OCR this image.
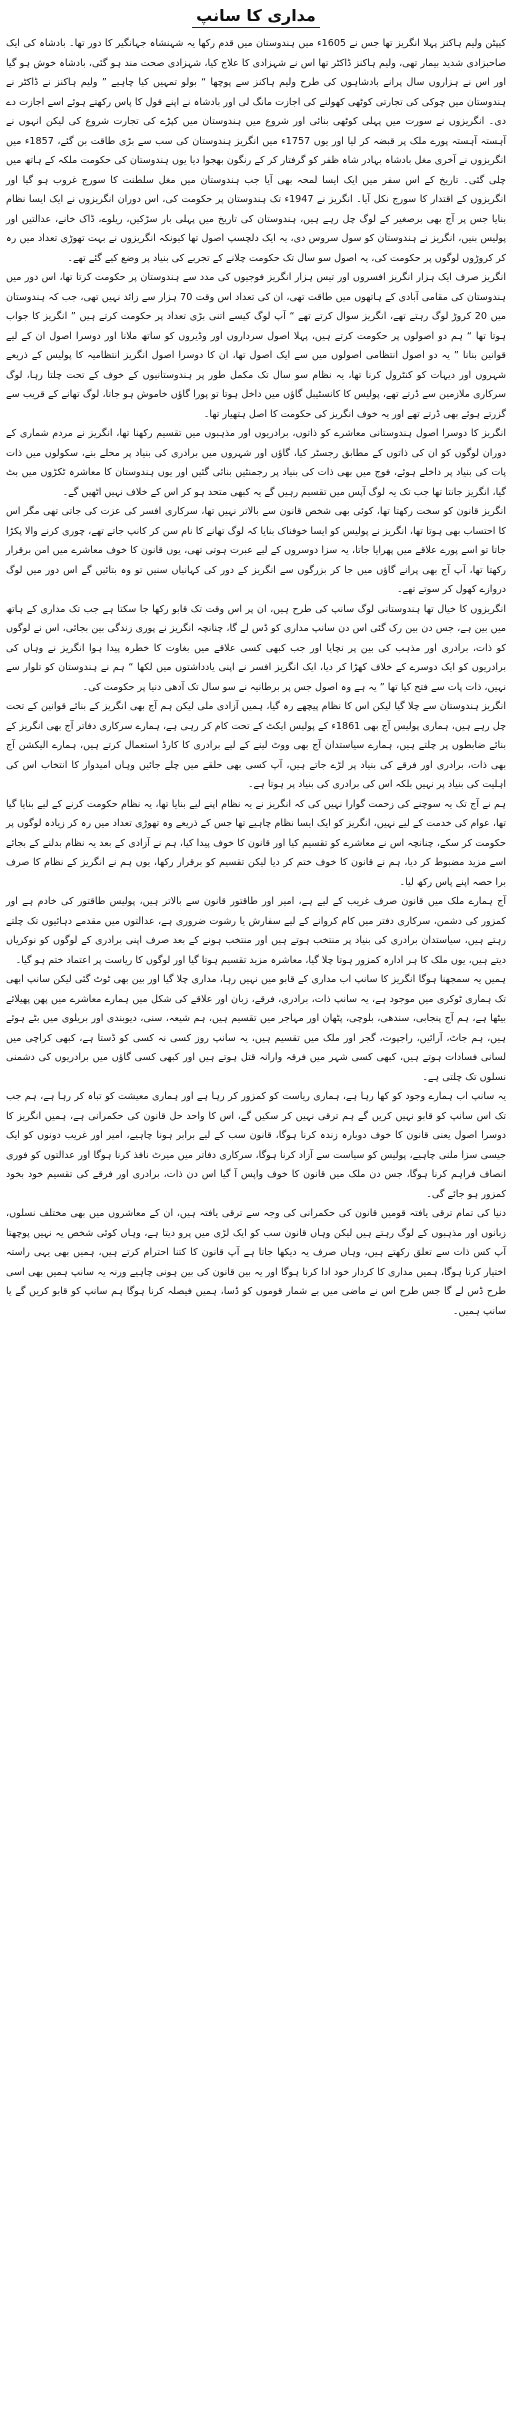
مداری کا سانپ

کیپٹن ولیم ہاکنز پہلا انگریز تھا جس نے 1605ء میں ہندوستان میں قدم رکھا یہ شہنشاہ جہانگیر کا دور تھا۔ بادشاہ کی ایک صاحبزادی شدید بیمار تھی، ولیم ہاکنز ڈاکٹر تھا اس نے شہزادی کا علاج کیا، شہزادی صحت مند ہو گئی، بادشاہ خوش ہو گیا اور اس نے ہزاروں سال پرانے بادشاہوں کی طرح ولیم ہاکنز سے پوچھا “ بولو تمہیں کیا چاہیے ” ولیم ہاکنز نے ڈاکٹر نے ہندوستان میں چوکی کی تجارتی کوٹھی کھولنے کی اجازت مانگ لی اور بادشاہ نے اپنے قول کا پاس رکھتے ہوئے اسے اجازت دے دی۔ انگریزوں نے سورت میں پہلی کوٹھی بنائی اور شروع میں ہندوستان میں کپڑے کی تجارت شروع کی لیکن انہوں نے آہستہ آہستہ پورے ملک پر قبضہ کر لیا اور یوں 1757ء میں انگریز ہندوستان کی سب سے بڑی طاقت بن گئے، 1857ء میں انگریزوں نے آخری مغل بادشاہ بہادر شاہ ظفر کو گرفتار کر کے رنگون بھجوا دیا یوں ہندوستان کی حکومت ملکہ کے ہاتھ میں چلی گئی۔ تاریخ کے اس سفر میں ایک ایسا لمحہ بھی آیا جب ہندوستان میں مغل سلطنت کا سورج غروب ہو گیا اور انگریزوں کے اقتدار کا سورج نکل آیا۔ انگریز نے 1947ء تک ہندوستان پر حکومت کی، اس دوران انگریزوں نے ایک ایسا نظام بنایا جس پر آج بھی برصغیر کے لوگ چل رہے ہیں، ہندوستان کی تاریخ میں پہلی بار سڑکیں، ریلوے، ڈاک خانے، عدالتیں اور پولیس بنیں، انگریز نے ہندوستان کو سول سروس دی، یہ ایک دلچسپ اصول تھا کیونکہ انگریزوں نے بہت تھوڑی تعداد میں رہ کر کروڑوں لوگوں پر حکومت کی، یہ اصول سو سال تک حکومت چلانے کے تجربے کی بنیاد پر وضع کیے گئے تھے۔

انگریز صرف ایک ہزار انگریز افسروں اور تیس ہزار انگریز فوجیوں کی مدد سے ہندوستان پر حکومت کرتا تھا، اس دور میں ہندوستان کی مقامی آبادی کے ہاتھوں میں طاقت تھی، ان کی تعداد اس وقت 70 ہزار سے زائد نہیں تھی، جب کہ ہندوستان میں 20 کروڑ لوگ رہتے تھے، انگریز سوال کرتے تھے “ آپ لوگ کیسے اتنی بڑی تعداد پر حکومت کرتے ہیں ” انگریز کا جواب ہوتا تھا “ ہم دو اصولوں پر حکومت کرتے ہیں، پہلا اصول سرداروں اور وڈیروں کو ساتھ ملانا اور دوسرا اصول ان کے لیے قوانین بنانا ” یہ دو اصول انتظامی اصولوں میں سے ایک اصول تھا، ان کا دوسرا اصول انگریز انتظامیہ کا پولیس کے ذریعے شہروں اور دیہات کو کنٹرول کرنا تھا، یہ نظام سو سال تک مکمل طور پر ہندوستانیوں کے خوف کے تحت چلتا رہا، لوگ سرکاری ملازمین سے ڈرتے تھے، پولیس کا کانسٹیبل گاؤں میں داخل ہوتا تو پورا گاؤں خاموش ہو جاتا، لوگ تھانے کے قریب سے گزرتے ہوئے بھی ڈرتے تھے اور یہ خوف انگریز کی حکومت کا اصل ہتھیار تھا۔

انگریز کا دوسرا اصول ہندوستانی معاشرے کو ذاتوں، برادریوں اور مذہبوں میں تقسیم رکھنا تھا، انگریز نے مردم شماری کے دوران لوگوں کو ان کی ذاتوں کے مطابق رجسٹر کیا، گاؤں اور شہروں میں برادری کی بنیاد پر محلے بنے، سکولوں میں ذات پات کی بنیاد پر داخلے ہوئے، فوج میں بھی ذات کی بنیاد پر رجمنٹیں بنائی گئیں اور یوں ہندوستان کا معاشرہ ٹکڑوں میں بٹ گیا، انگریز جانتا تھا جب تک یہ لوگ آپس میں تقسیم رہیں گے یہ کبھی متحد ہو کر اس کے خلاف نہیں اٹھیں گے۔

انگریز قانون کو سخت رکھتا تھا، کوئی بھی شخص قانون سے بالاتر نہیں تھا، سرکاری افسر کی عزت کی جاتی تھی مگر اس کا احتساب بھی ہوتا تھا، انگریز نے پولیس کو ایسا خوفناک بنایا کہ لوگ تھانے کا نام سن کر کانپ جاتے تھے، چوری کرنے والا پکڑا جاتا تو اسے پورے علاقے میں پھرایا جاتا، یہ سزا دوسروں کے لیے عبرت ہوتی تھی، یوں قانون کا خوف معاشرے میں امن برقرار رکھتا تھا، آپ آج بھی پرانے گاؤں میں جا کر بزرگوں سے انگریز کے دور کی کہانیاں سنیں تو وہ بتائیں گے اس دور میں لوگ دروازے کھول کر سوتے تھے۔

انگریزوں کا خیال تھا ہندوستانی لوگ سانپ کی طرح ہیں، ان پر اس وقت تک قابو رکھا جا سکتا ہے جب تک مداری کے ہاتھ میں بین ہے، جس دن بین رک گئی اس دن سانپ مداری کو ڈس لے گا، چنانچہ انگریز نے پوری زندگی بین بجائی، اس نے لوگوں کو ذات، برادری اور مذہب کی بین پر نچایا اور جب کبھی کسی علاقے میں بغاوت کا خطرہ پیدا ہوا انگریز نے وہاں کی برادریوں کو ایک دوسرے کے خلاف کھڑا کر دیا، ایک انگریز افسر نے اپنی یادداشتوں میں لکھا “ ہم نے ہندوستان کو تلوار سے نہیں، ذات پات سے فتح کیا تھا ” یہ ہے وہ اصول جس پر برطانیہ نے سو سال تک آدھی دنیا پر حکومت کی۔

انگریز ہندوستان سے چلا گیا لیکن اس کا نظام پیچھے رہ گیا، ہمیں آزادی ملی لیکن ہم آج بھی انگریز کے بنائے قوانین کے تحت چل رہے ہیں، ہماری پولیس آج بھی 1861ء کے پولیس ایکٹ کے تحت کام کر رہی ہے، ہمارے سرکاری دفاتر آج بھی انگریز کے بنائے ضابطوں پر چلتے ہیں، ہمارے سیاستدان آج بھی ووٹ لینے کے لیے برادری کا کارڈ استعمال کرتے ہیں، ہمارے الیکشن آج بھی ذات، برادری اور فرقے کی بنیاد پر لڑے جاتے ہیں، آپ کسی بھی حلقے میں چلے جائیں وہاں امیدوار کا انتخاب اس کی اہلیت کی بنیاد پر نہیں بلکہ اس کی برادری کی بنیاد پر ہوتا ہے۔

ہم نے آج تک یہ سوچنے کی زحمت گوارا نہیں کی کہ انگریز نے یہ نظام اپنے لیے بنایا تھا، یہ نظام حکومت کرنے کے لیے بنایا گیا تھا، عوام کی خدمت کے لیے نہیں، انگریز کو ایک ایسا نظام چاہیے تھا جس کے ذریعے وہ تھوڑی تعداد میں رہ کر زیادہ لوگوں پر حکومت کر سکے، چنانچہ اس نے معاشرے کو تقسیم کیا اور قانون کا خوف پیدا کیا، ہم نے آزادی کے بعد یہ نظام بدلنے کے بجائے اسے مزید مضبوط کر دیا، ہم نے قانون کا خوف ختم کر دیا لیکن تقسیم کو برقرار رکھا، یوں ہم نے انگریز کے نظام کا صرف برا حصہ اپنے پاس رکھ لیا۔

آج ہمارے ملک میں قانون صرف غریب کے لیے ہے، امیر اور طاقتور قانون سے بالاتر ہیں، پولیس طاقتور کی خادم ہے اور کمزور کی دشمن، سرکاری دفتر میں کام کروانے کے لیے سفارش یا رشوت ضروری ہے، عدالتوں میں مقدمے دہائیوں تک چلتے رہتے ہیں، سیاستدان برادری کی بنیاد پر منتخب ہوتے ہیں اور منتخب ہونے کے بعد صرف اپنی برادری کے لوگوں کو نوکریاں دیتے ہیں، یوں ملک کا ہر ادارہ کمزور ہوتا چلا گیا، معاشرہ مزید تقسیم ہوتا گیا اور لوگوں کا ریاست پر اعتماد ختم ہو گیا۔

ہمیں یہ سمجھنا ہوگا انگریز کا سانپ اب مداری کے قابو میں نہیں رہا، مداری چلا گیا اور بین بھی ٹوٹ گئی لیکن سانپ ابھی تک ہماری ٹوکری میں موجود ہے، یہ سانپ ذات، برادری، فرقے، زبان اور علاقے کی شکل میں ہمارے معاشرے میں پھن پھیلائے بیٹھا ہے، ہم آج پنجابی، سندھی، بلوچی، پٹھان اور مہاجر میں تقسیم ہیں، ہم شیعہ، سنی، دیوبندی اور بریلوی میں بٹے ہوئے ہیں، ہم جاٹ، آرائیں، راجپوت، گجر اور ملک میں تقسیم ہیں، یہ سانپ روز کسی نہ کسی کو ڈستا ہے، کبھی کراچی میں لسانی فسادات ہوتے ہیں، کبھی کسی شہر میں فرقہ وارانہ قتل ہوتے ہیں اور کبھی کسی گاؤں میں برادریوں کی دشمنی نسلوں تک چلتی ہے۔

یہ سانپ اب ہمارے وجود کو کھا رہا ہے، ہماری ریاست کو کمزور کر رہا ہے اور ہماری معیشت کو تباہ کر رہا ہے، ہم جب تک اس سانپ کو قابو نہیں کریں گے ہم ترقی نہیں کر سکیں گے، اس کا واحد حل قانون کی حکمرانی ہے، ہمیں انگریز کا دوسرا اصول یعنی قانون کا خوف دوبارہ زندہ کرنا ہوگا، قانون سب کے لیے برابر ہونا چاہیے، امیر اور غریب دونوں کو ایک جیسی سزا ملنی چاہیے، پولیس کو سیاست سے آزاد کرنا ہوگا، سرکاری دفاتر میں میرٹ نافذ کرنا ہوگا اور عدالتوں کو فوری انصاف فراہم کرنا ہوگا، جس دن ملک میں قانون کا خوف واپس آ گیا اس دن ذات، برادری اور فرقے کی تقسیم خود بخود کمزور ہو جائے گی۔

دنیا کی تمام ترقی یافتہ قومیں قانون کی حکمرانی کی وجہ سے ترقی یافتہ ہیں، ان کے معاشروں میں بھی مختلف نسلوں، زبانوں اور مذہبوں کے لوگ رہتے ہیں لیکن وہاں قانون سب کو ایک لڑی میں پرو دیتا ہے، وہاں کوئی شخص یہ نہیں پوچھتا آپ کس ذات سے تعلق رکھتے ہیں، وہاں صرف یہ دیکھا جاتا ہے آپ قانون کا کتنا احترام کرتے ہیں، ہمیں بھی یہی راستہ اختیار کرنا ہوگا، ہمیں مداری کا کردار خود ادا کرنا ہوگا اور یہ بین قانون کی بین ہونی چاہیے ورنہ یہ سانپ ہمیں بھی اسی طرح ڈس لے گا جس طرح اس نے ماضی میں بے شمار قوموں کو ڈسا، ہمیں فیصلہ کرنا ہوگا ہم سانپ کو قابو کریں گے یا سانپ ہمیں۔
